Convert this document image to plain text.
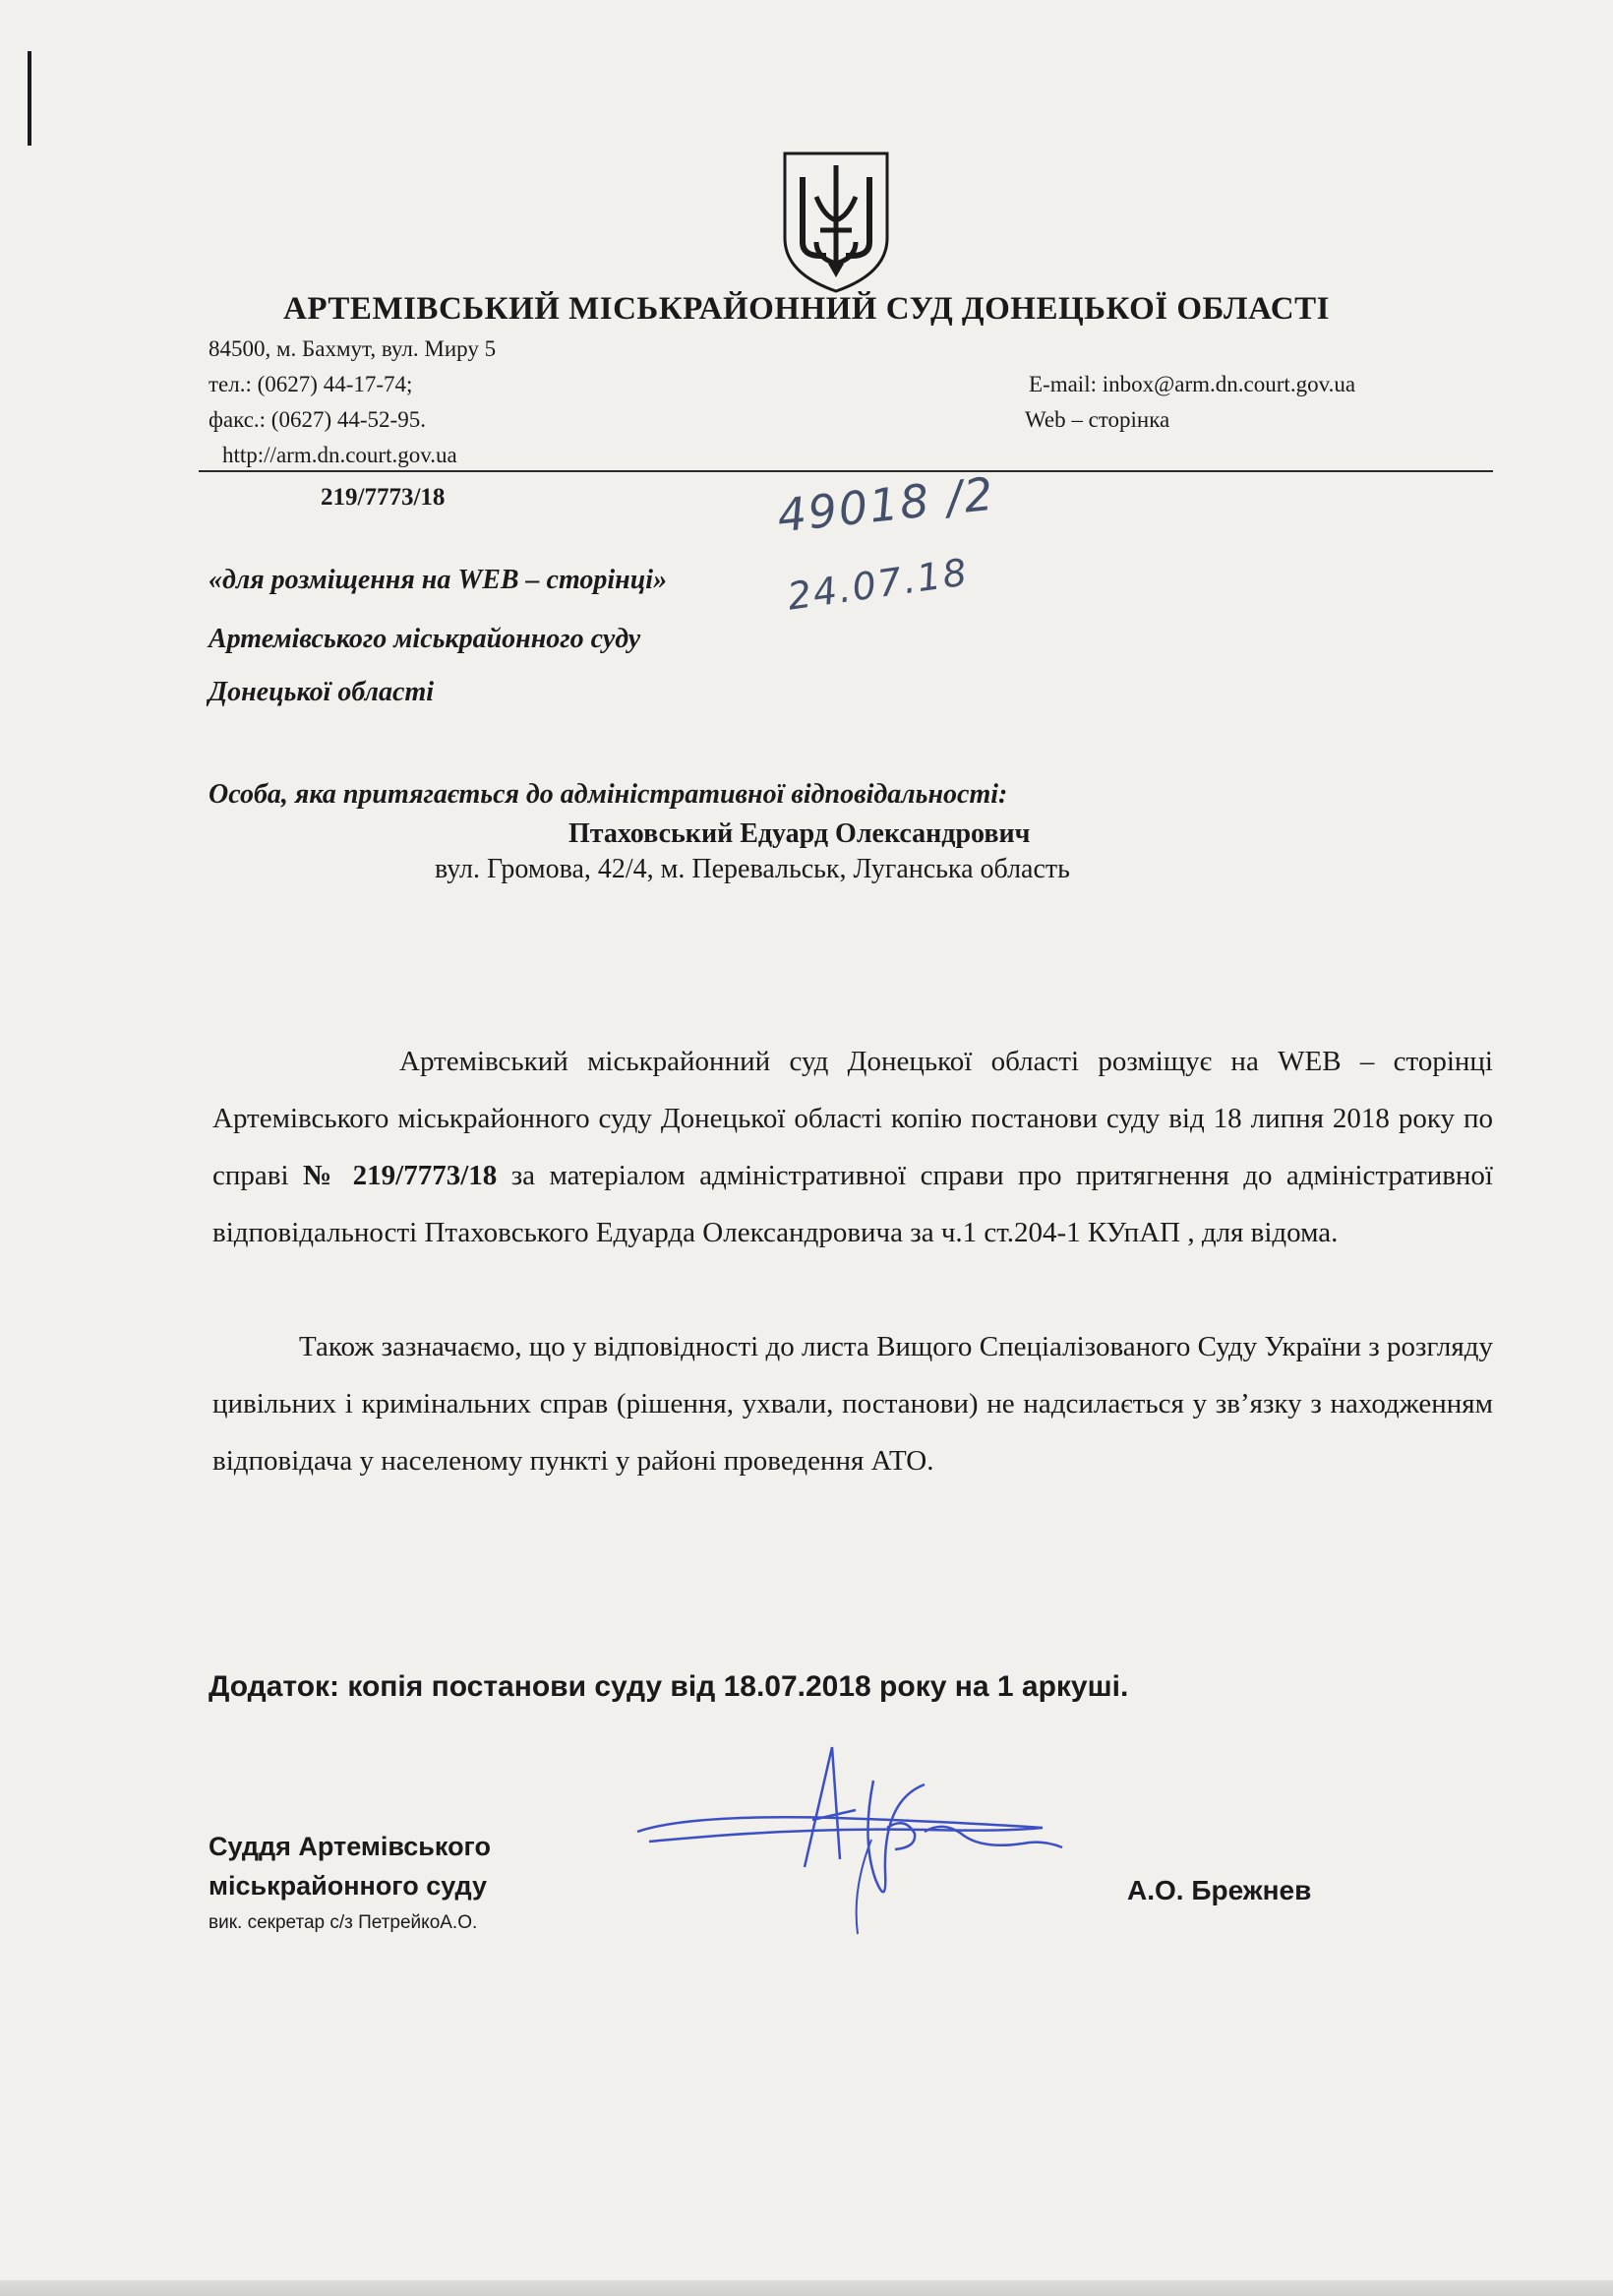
АРТЕМІВСЬКИЙ МІСЬКРАЙОННИЙ СУД ДОНЕЦЬКОЇ ОБЛАСТІ
84500, м. Бахмут, вул. Миру 5
тел.: (0627) 44-17-74;	E-mail: inbox@arm.dn.court.gov.ua
факс.: (0627) 44-52-95.	Web – сторінка
http://arm.dn.court.gov.ua
219/7773/18	49018 /2
24.07.18
«для розміщення на WEB – сторінці»
Артемівського міськрайонного суду
Донецької області
Особа, яка притягається до адміністративної відповідальності:
Птаховський Едуард Олександрович
вул. Громова, 42/4, м. Перевальськ, Луганська область
Артемівський міськрайонний суд Донецької області розміщує на WEB – сторінці Артемівського міськрайонного суду Донецької області копію постанови суду від 18 липня 2018 року по справі № 219/7773/18 за матеріалом адміністративної справи про притягнення до адміністративної відповідальності Птаховського Едуарда Олександровича за ч.1 ст.204-1 КУпАП , для відома.
Також зазначаємо, що у відповідності до листа Вищого Спеціалізованого Суду України з розгляду цивільних і кримінальних справ (рішення, ухвали, постанови) не надсилається у зв’язку з находженням відповідача у населеному пункті у районі проведення АТО.
Додаток: копія постанови суду від 18.07.2018 року на 1 аркуші.
Суддя Артемівського
міськрайонного суду
вик. секретар с/з ПетрейкоА.О.
А.О. Брежнев
